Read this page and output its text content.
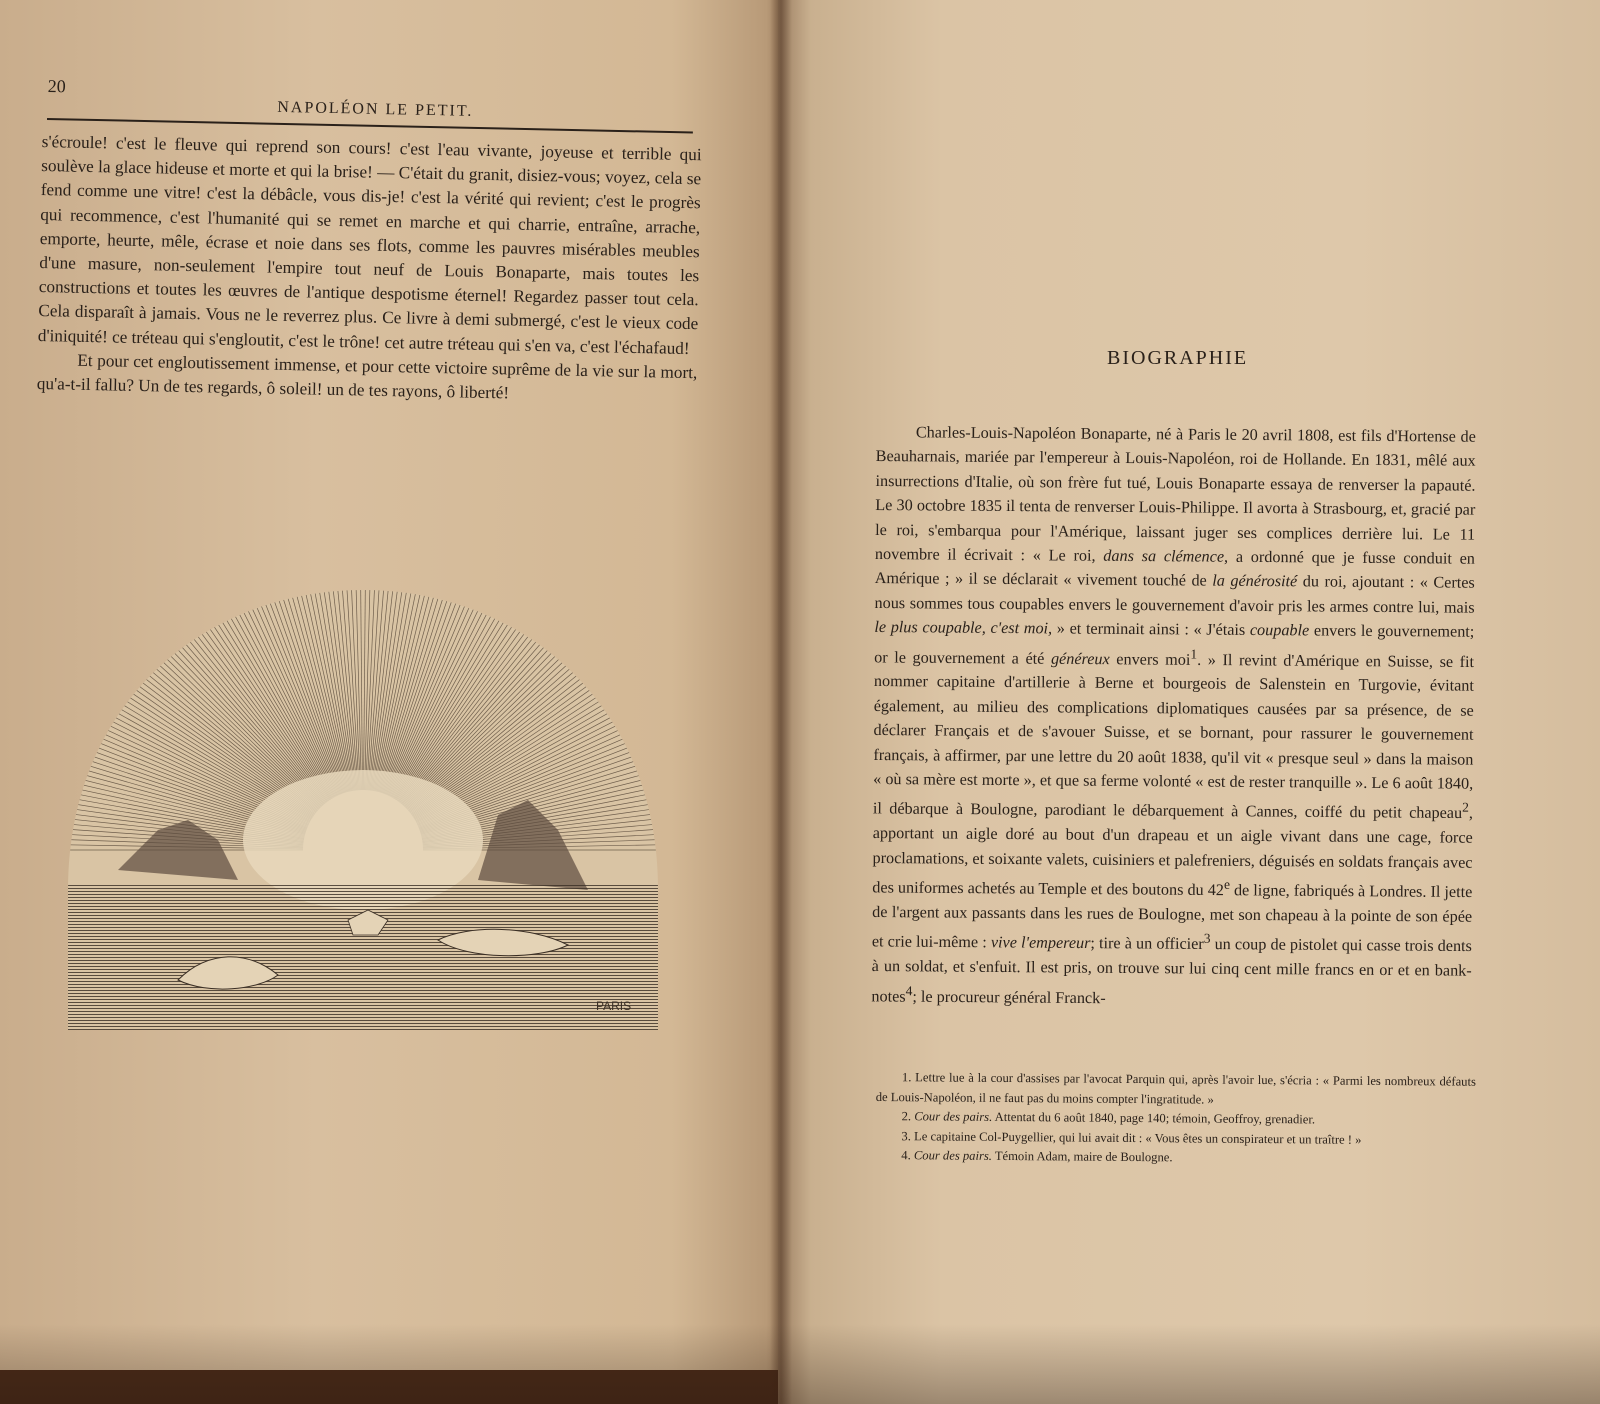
20
NAPOLÉON LE PETIT.

s'écroule! c'est le fleuve qui reprend son cours! c'est l'eau vivante, joyeuse et terrible qui soulève la glace hideuse et morte et qui la brise! — C'était du granit, disiez-vous; voyez, cela se fend comme une vitre! c'est la débâcle, vous dis-je! c'est la vérité qui revient; c'est le progrès qui recommence, c'est l'humanité qui se remet en marche et qui charrie, entraîne, arrache, emporte, heurte, mêle, écrase et noie dans ses flots, comme les pauvres misérables meubles d'une masure, non-seulement l'empire tout neuf de Louis Bonaparte, mais toutes les constructions et toutes les œuvres de l'antique despotisme éternel! Regardez passer tout cela. Cela disparaît à jamais. Vous ne le reverrez plus. Ce livre à demi submergé, c'est le vieux code d'iniquité! ce tréteau qui s'engloutit, c'est le trône! cet autre tréteau qui s'en va, c'est l'échafaud!

Et pour cet engloutissement immense, et pour cette victoire suprême de la vie sur la mort, qu'a-t-il fallu? Un de tes regards, ô soleil! un de tes rayons, ô liberté!

PARIS
BIOGRAPHIE

Charles-Louis-Napoléon Bonaparte, né à Paris le 20 avril 1808, est fils d'Hortense de Beauharnais, mariée par l'empereur à Louis-Napoléon, roi de Hollande. En 1831, mêlé aux insurrections d'Italie, où son frère fut tué, Louis Bonaparte essaya de renverser la papauté. Le 30 octobre 1835 il tenta de renverser Louis-Philippe. Il avorta à Strasbourg, et, gracié par le roi, s'embarqua pour l'Amérique, laissant juger ses complices derrière lui. Le 11 novembre il écrivait : « Le roi, dans sa clémence, a ordonné que je fusse conduit en Amérique ; » il se déclarait « vivement touché de la générosité du roi, ajoutant : « Certes nous sommes tous coupables envers le gouvernement d'avoir pris les armes contre lui, mais le plus coupable, c'est moi, » et terminait ainsi : « J'étais coupable envers le gouvernement; or le gouvernement a été généreux envers moi$^1$. » Il revint d'Amérique en Suisse, se fit nommer capitaine d'artillerie à Berne et bourgeois de Salenstein en Turgovie, évitant également, au milieu des complications diplomatiques causées par sa présence, de se déclarer Français et de s'avouer Suisse, et se bornant, pour rassurer le gouvernement français, à affirmer, par une lettre du 20 août 1838, qu'il vit « presque seul » dans la maison « où sa mère est morte », et que sa ferme volonté « est de rester tranquille ». Le 6 août 1840, il débarque à Boulogne, parodiant le débarquement à Cannes, coiffé du petit chapeau$^2$, apportant un aigle doré au bout d'un drapeau et un aigle vivant dans une cage, force proclamations, et soixante valets, cuisiniers et palefreniers, déguisés en soldats français avec des uniformes achetés au Temple et des boutons du 42e de ligne, fabriqués à Londres. Il jette de l'argent aux passants dans les rues de Boulogne, met son chapeau à la pointe de son épée et crie lui-même : vive l'empereur; tire à un officier$^3$ un coup de pistolet qui casse trois dents à un soldat, et s'enfuit. Il est pris, on trouve sur lui cinq cent mille francs en or et en bank-notes$^4$; le procureur général Franck-

1. Lettre lue à la cour d'assises par l'avocat Parquin qui, après l'avoir lue, s'écria : « Parmi les nombreux défauts de Louis-Napoléon, il ne faut pas du moins compter l'ingratitude. »

2. Cour des pairs. Attentat du 6 août 1840, page 140; témoin, Geoffroy, grenadier.

3. Le capitaine Col-Puygellier, qui lui avait dit : « Vous êtes un conspirateur et un traître ! »

4. Cour des pairs. Témoin Adam, maire de Boulogne.
